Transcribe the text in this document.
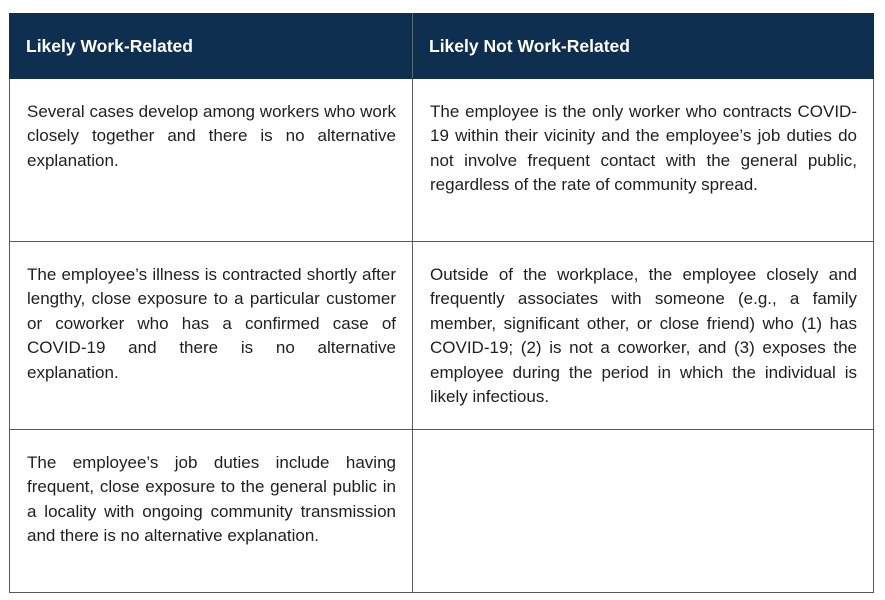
Likely Work-Related	Likely Not Work-Related
Several cases develop among workers who work closely together and there is no alternative explanation.	The employee is the only worker who contracts COVID-19 within their vicinity and the employee’s job duties do not involve frequent contact with the general public, regardless of the rate of community spread.
The employee’s illness is contracted shortly after lengthy, close exposure to a particular customer or coworker who has a confirmed case of COVID-19 and there is no alternative explanation.	Outside of the workplace, the employee closely and frequently associates with someone (e.g., a family member, significant other, or close friend) who (1) has COVID-19; (2) is not a coworker, and (3) exposes the employee during the period in which the individual is likely infectious.
The employee’s job duties include having frequent, close exposure to the general public in a locality with ongoing community transmission and there is no alternative explanation.	
